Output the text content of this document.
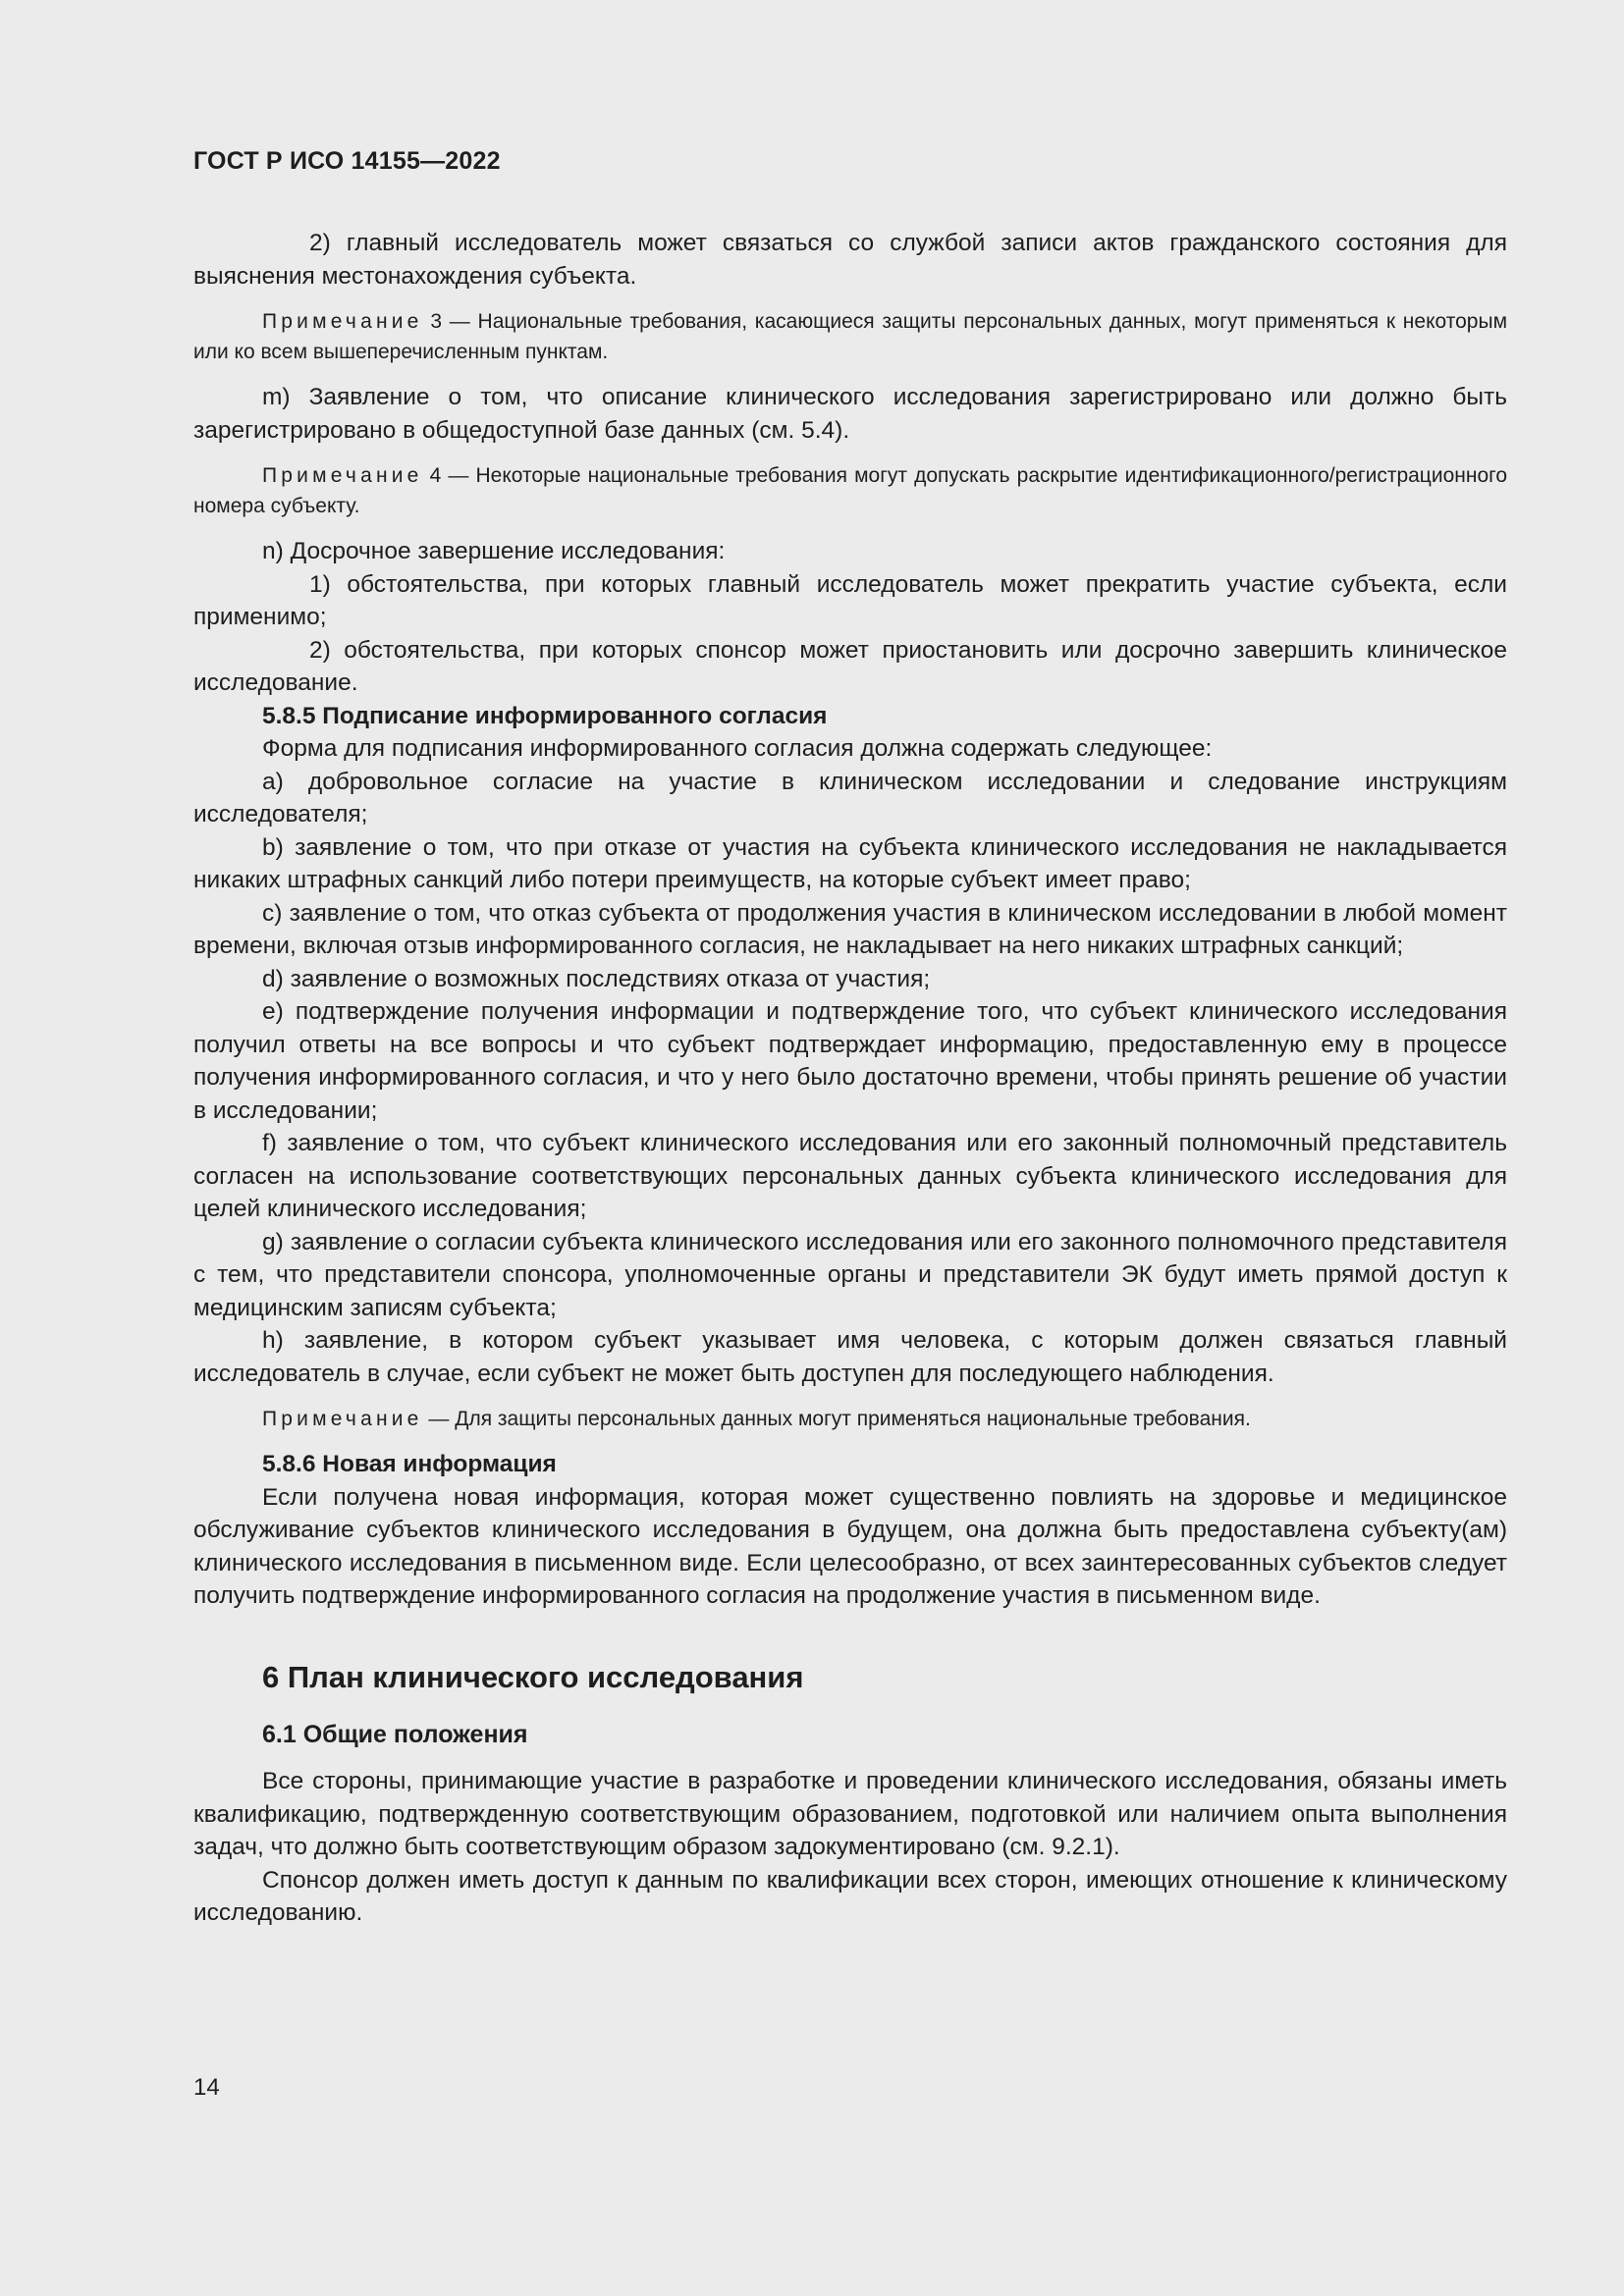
ГОСТ Р ИСО 14155—2022

2) главный исследователь может связаться со службой записи актов гражданского состояния для выяснения местонахождения субъекта.

Примечание 3 — Национальные требования, касающиеся защиты персональных данных, могут применяться к некоторым или ко всем вышеперечисленным пунктам.

m) Заявление о том, что описание клинического исследования зарегистрировано или должно быть зарегистрировано в общедоступной базе данных (см. 5.4).

Примечание 4 — Некоторые национальные требования могут допускать раскрытие идентификационного/регистрационного номера субъекту.

n) Досрочное завершение исследования:

1) обстоятельства, при которых главный исследователь может прекратить участие субъекта, если применимо;

2) обстоятельства, при которых спонсор может приостановить или досрочно завершить клиническое исследование.

5.8.5 Подписание информированного согласия

Форма для подписания информированного согласия должна содержать следующее:

a) добровольное согласие на участие в клиническом исследовании и следование инструкциям исследователя;

b) заявление о том, что при отказе от участия на субъекта клинического исследования не накладывается никаких штрафных санкций либо потери преимуществ, на которые субъект имеет право;

c) заявление о том, что отказ субъекта от продолжения участия в клиническом исследовании в любой момент времени, включая отзыв информированного согласия, не накладывает на него никаких штрафных санкций;

d) заявление о возможных последствиях отказа от участия;

e) подтверждение получения информации и подтверждение того, что субъект клинического исследования получил ответы на все вопросы и что субъект подтверждает информацию, предоставленную ему в процессе получения информированного согласия, и что у него было достаточно времени, чтобы принять решение об участии в исследовании;

f) заявление о том, что субъект клинического исследования или его законный полномочный представитель согласен на использование соответствующих персональных данных субъекта клинического исследования для целей клинического исследования;

g) заявление о согласии субъекта клинического исследования или его законного полномочного представителя с тем, что представители спонсора, уполномоченные органы и представители ЭК будут иметь прямой доступ к медицинским записям субъекта;

h) заявление, в котором субъект указывает имя человека, с которым должен связаться главный исследователь в случае, если субъект не может быть доступен для последующего наблюдения.

Примечание — Для защиты персональных данных могут применяться национальные требования.

5.8.6 Новая информация

Если получена новая информация, которая может существенно повлиять на здоровье и медицинское обслуживание субъектов клинического исследования в будущем, она должна быть предоставлена субъекту(ам) клинического исследования в письменном виде. Если целесообразно, от всех заинтересованных субъектов следует получить подтверждение информированного согласия на продолжение участия в письменном виде.

6 План клинического исследования

6.1 Общие положения

Все стороны, принимающие участие в разработке и проведении клинического исследования, обязаны иметь квалификацию, подтвержденную соответствующим образованием, подготовкой или наличием опыта выполнения задач, что должно быть соответствующим образом задокументировано (см. 9.2.1).

Спонсор должен иметь доступ к данным по квалификации всех сторон, имеющих отношение к клиническому исследованию.

14
